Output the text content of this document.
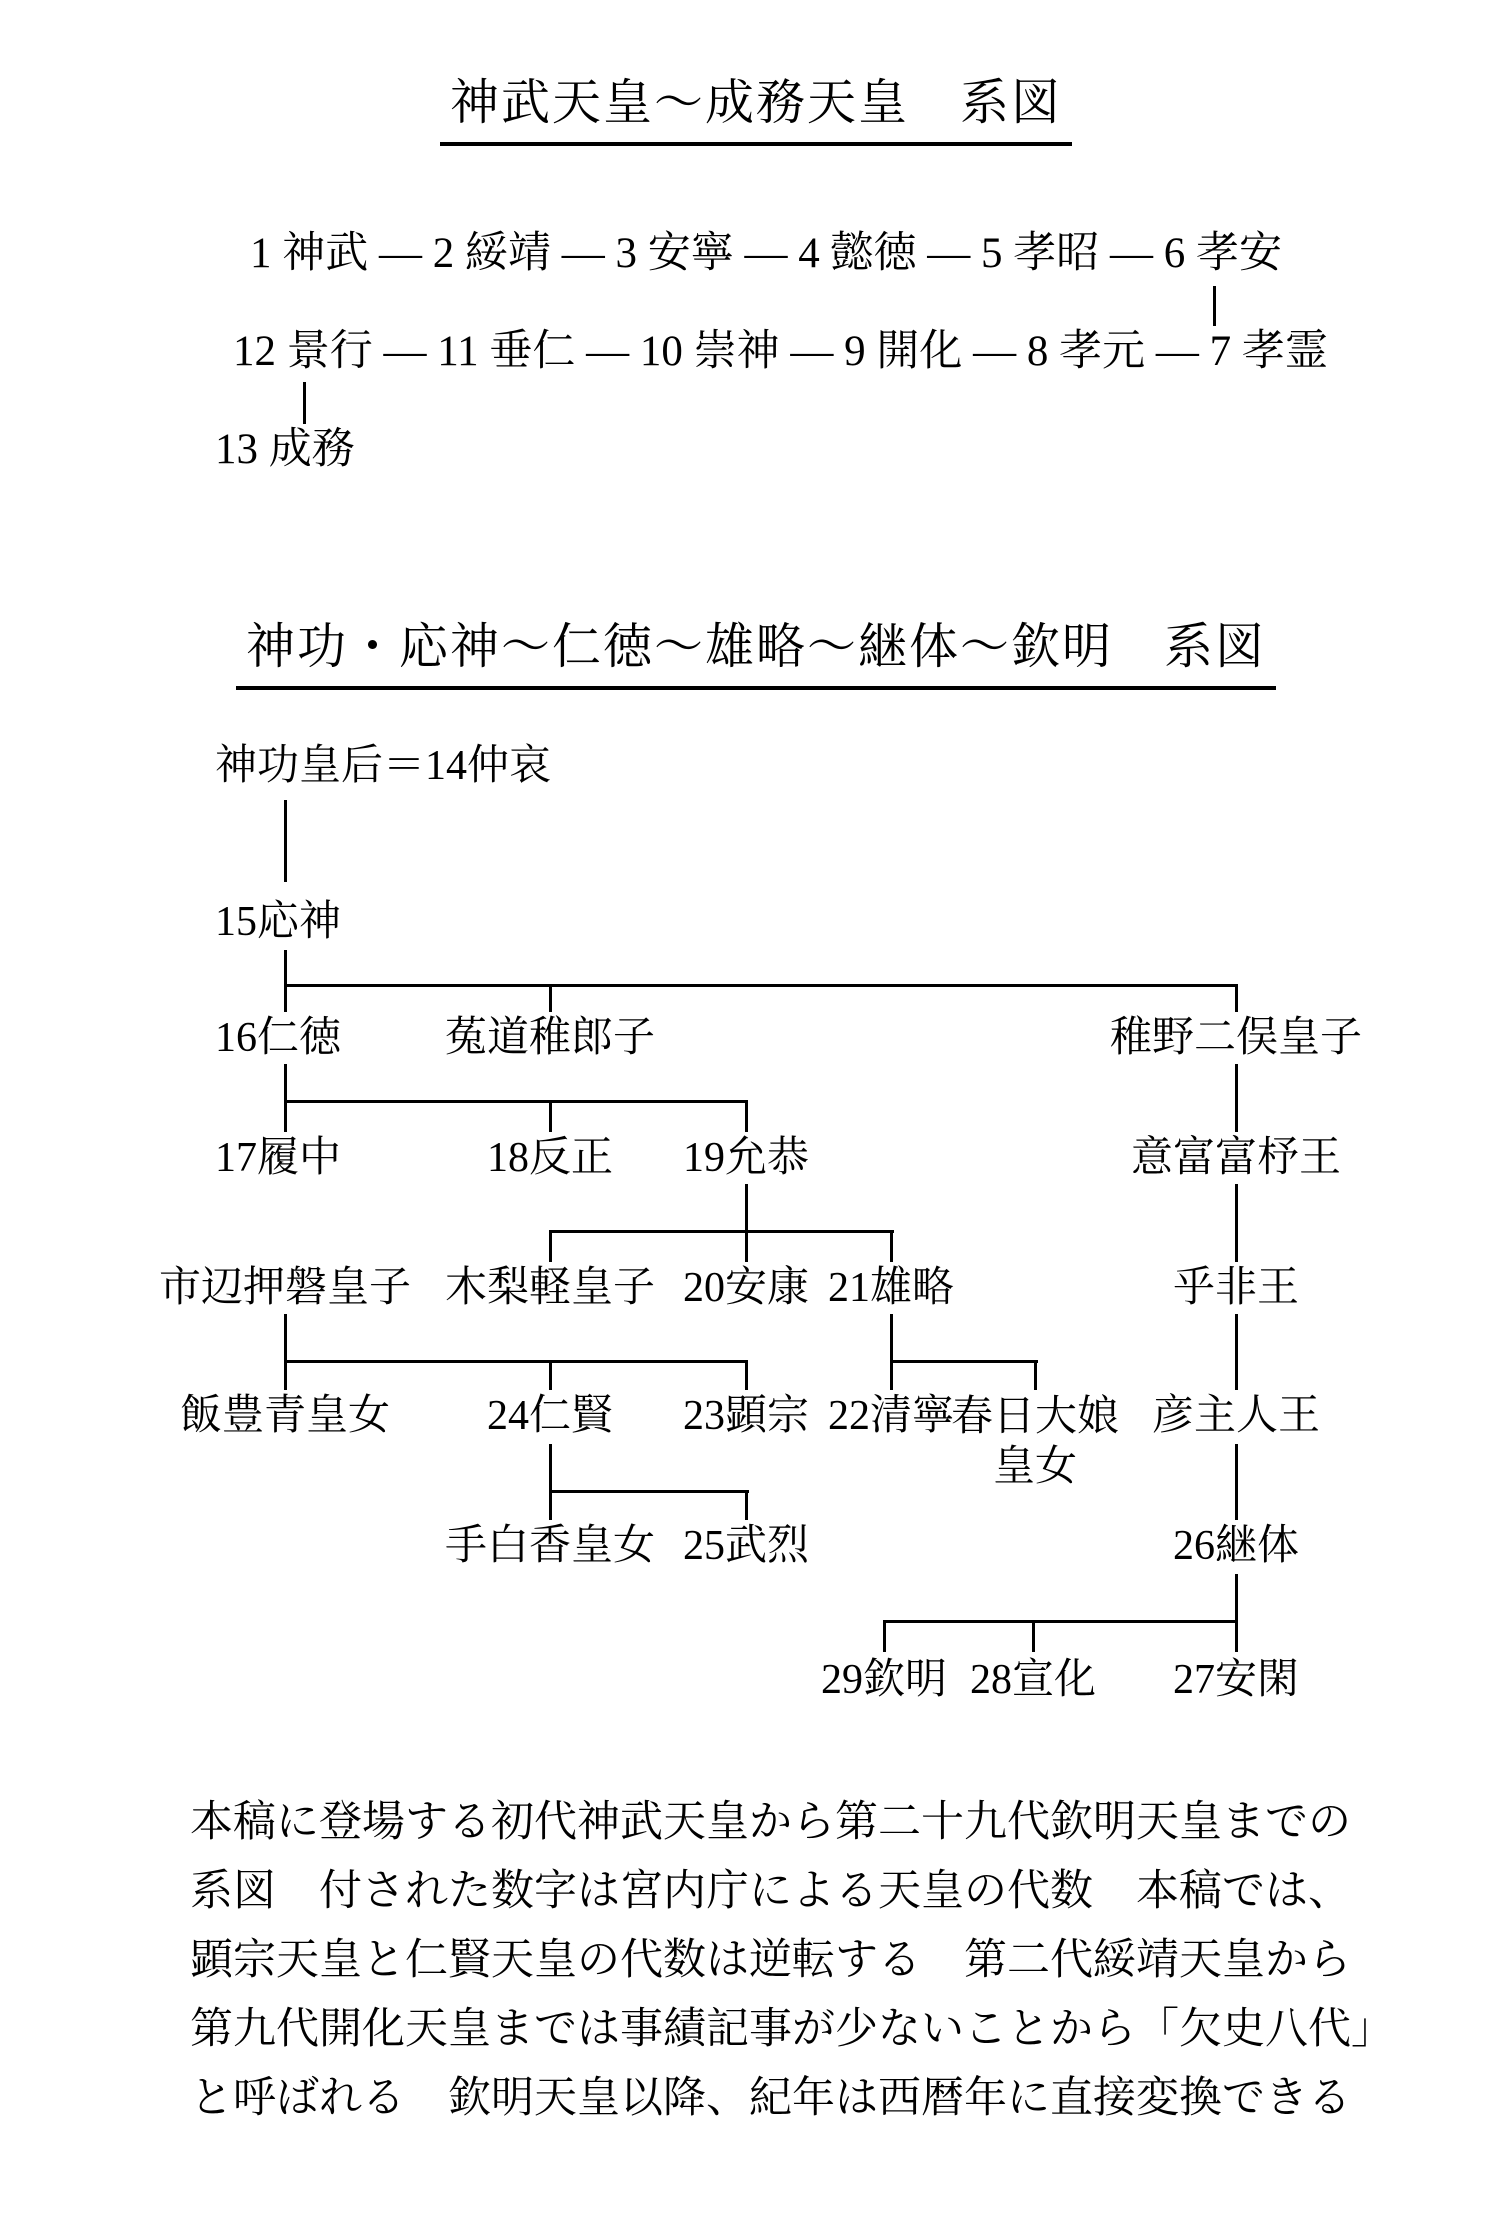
神武天皇～成務天皇　系図
1 神武 ― 2 綏靖 ― 3 安寧 ― 4 懿徳 ― 5 孝昭 ― 6 孝安
12 景行 ― 11 垂仁 ― 10 崇神 ― 9 開化 ― 8 孝元 ― 7 孝霊
13 成務
神功・応神～仁徳～雄略～継体～欽明　系図
神功皇后＝14仲哀
15応神
16仁徳 菟道稚郎子	稚野二俣皇子
17履中	18反正 19允恭	意富富杼王
市辺押磐皇子 木梨軽皇子 20安康 21雄略	乎非王
飯豊青皇女 24仁賢 23顕宗 22清寧
春日大娘皇女
彦主人王
手白香皇女 25武烈	26継体
29欽明 28宣化 27安閑
本稿に登場する初代神武天皇から第二十九代欽明天皇までの
系図　付された数字は宮内庁による天皇の代数　本稿では、
顕宗天皇と仁賢天皇の代数は逆転する　第二代綏靖天皇から
第九代開化天皇までは事績記事が少ないことから「欠史八代」
と呼ばれる　欽明天皇以降、紀年は西暦年に直接変換できる
